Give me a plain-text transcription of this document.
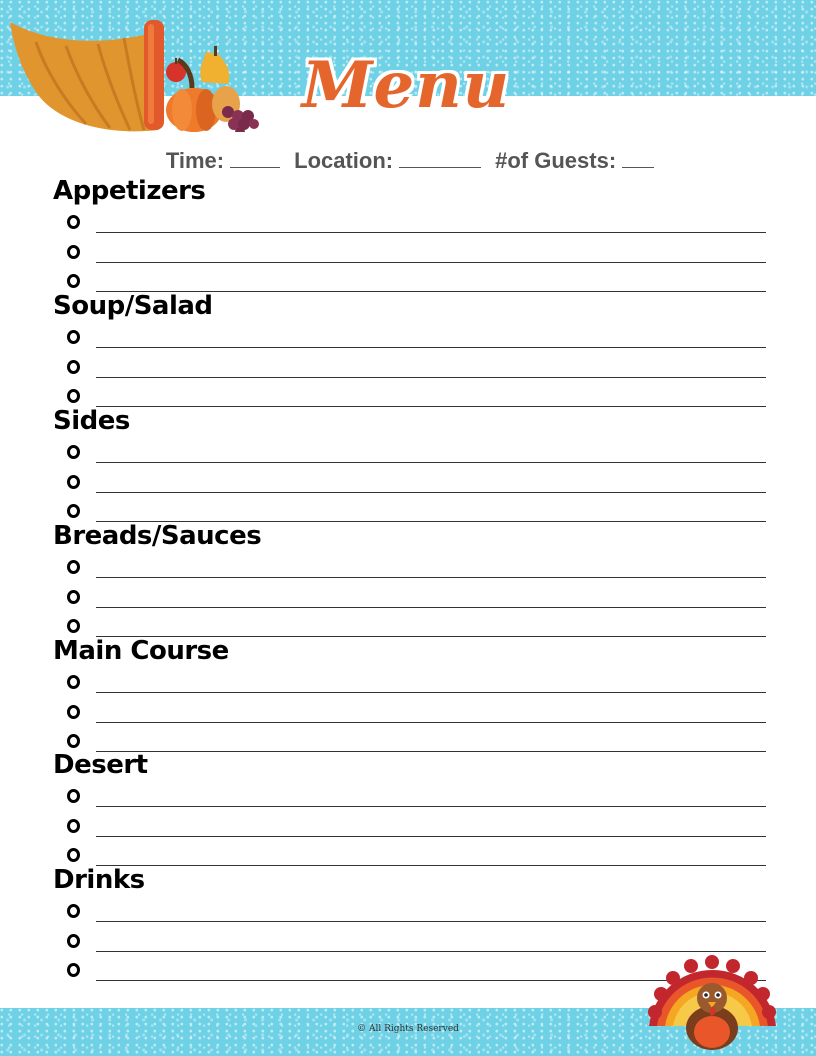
Menu
Time:	Location:	#of Guests:
Appetizers
Soup/Salad
Sides
Breads/Sauces
Main Course
Desert
Drinks
© All Rights Reserved
